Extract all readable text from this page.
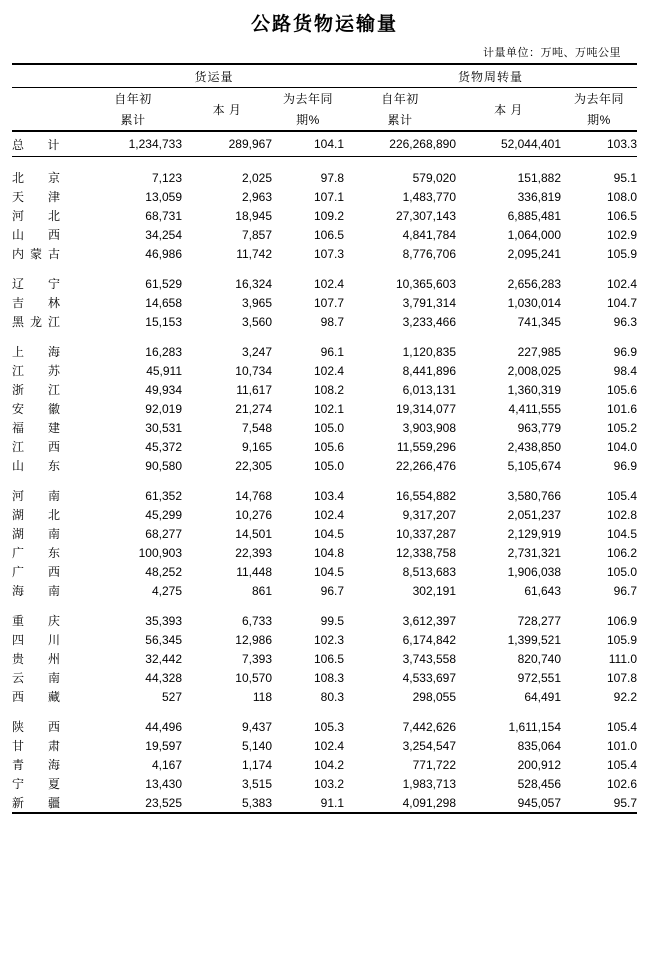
公路货物运输量
计量单位：万吨、万吨公里
	货运量			货物周转量		
	自年初	本 月	为去年同	自年初	本 月	为去年同
	累计		期%	累计		期%
总 计	1,234,733	289,967	104.1	226,268,890	52,044,401	103.3

北　京	7,123	2,025	97.8	579,020	151,882	95.1
天　津	13,059	2,963	107.1	1,483,770	336,819	108.0
河　北	68,731	18,945	109.2	27,307,143	6,885,481	106.5
山　西	34,254	7,857	106.5	4,841,784	1,064,000	102.9
内蒙古	46,986	11,742	107.3	8,776,706	2,095,241	105.9

辽　宁	61,529	16,324	102.4	10,365,603	2,656,283	102.4
吉　林	14,658	3,965	107.7	3,791,314	1,030,014	104.7
黑龙江	15,153	3,560	98.7	3,233,466	741,345	96.3

上　海	16,283	3,247	96.1	1,120,835	227,985	96.9
江　苏	45,911	10,734	102.4	8,441,896	2,008,025	98.4
浙　江	49,934	11,617	108.2	6,013,131	1,360,319	105.6
安　徽	92,019	21,274	102.1	19,314,077	4,411,555	101.6
福　建	30,531	7,548	105.0	3,903,908	963,779	105.2
江　西	45,372	9,165	105.6	11,559,296	2,438,850	104.0
山　东	90,580	22,305	105.0	22,266,476	5,105,674	96.9

河　南	61,352	14,768	103.4	16,554,882	3,580,766	105.4
湖　北	45,299	10,276	102.4	9,317,207	2,051,237	102.8
湖　南	68,277	14,501	104.5	10,337,287	2,129,919	104.5
广　东	100,903	22,393	104.8	12,338,758	2,731,321	106.2
广　西	48,252	11,448	104.5	8,513,683	1,906,038	105.0
海　南	4,275	861	96.7	302,191	61,643	96.7

重　庆	35,393	6,733	99.5	3,612,397	728,277	106.9
四　川	56,345	12,986	102.3	6,174,842	1,399,521	105.9
贵　州	32,442	7,393	106.5	3,743,558	820,740	111.0
云　南	44,328	10,570	108.3	4,533,697	972,551	107.8
西　藏	527	118	80.3	298,055	64,491	92.2

陕　西	44,496	9,437	105.3	7,442,626	1,611,154	105.4
甘　肃	19,597	5,140	102.4	3,254,547	835,064	101.0
青　海	4,167	1,174	104.2	771,722	200,912	105.4
宁　夏	13,430	3,515	103.2	1,983,713	528,456	102.6
新　疆	23,525	5,383	91.1	4,091,298	945,057	95.7
